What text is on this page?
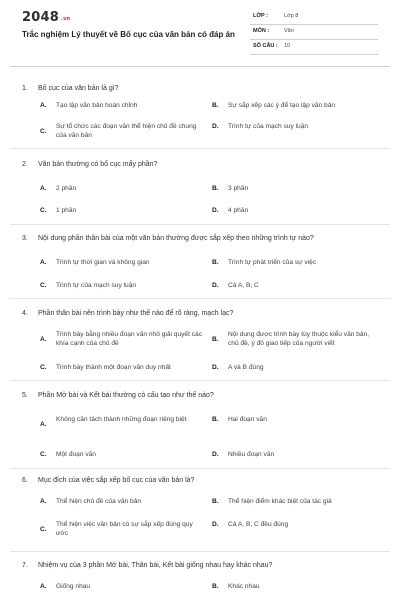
2048 $^{.vn}$
Trắc nghiệm Lý thuyết về Bố cục của văn bản có đáp án
LỚP :	Lớp 8
MÔN :	Văn
SỐ CÂU : 10
1. Bố cục của văn bản là gì?
A. Tạo lập văn bản hoàn chỉnh	B. Sự sắp xếp các ý để tạo lập văn bản
C.
Sự tổ chức các đoạn văn thể hiện chủ đề chung của văn bản
D. Trình tự của mạch suy luận
2. Văn bản thường có bố cục mấy phần?
A. 2 phần	B. 3 phần
C. 1 phần	D. 4 phần
3. Nội dung phần thân bài của một văn bản thường được sắp xếp theo những trình tự nào?
A. Trình tự thời gian và không gian	B. Trình tự phát triển của sự việc
C. Trình tự của mạch suy luận	D. Cả A, B, C
4. Phần thân bài nên trình bày như thế nào để rõ ràng, mạch lạc?
A.
Trình bày bằng nhiều đoạn văn nhỏ giải quyết các khía cạnh của chủ đề
B.
Nội dung được trình bày tùy thuộc kiểu văn bản, chủ đề, ý đồ giao tiếp của người viết
C. Trình bày thành một đoạn văn duy nhất	D. A và B đúng
5. Phần Mở bài và Kết bài thường có cấu tạo như thế nào?
A.
Không cần tách thành những đoạn riêng biệt	B. Hai đoạn văn
C. Một đoạn văn	D. Nhiều đoạn văn
6. Mục đích của việc sắp xếp bố cục của văn bản là?
A. Thể hiện chủ đề của văn bản	B. Thể hiện điểm khác biệt của tác giả
C.
Thể hiện việc văn bản có sự sắp xếp đúng quy ước
D. Cả A, B, C đều đúng
7. Nhiệm vụ của 3 phần Mở bài, Thân bài, Kết bài giống nhau hay khác nhau?
A. Giống nhau	B. Khác nhau
